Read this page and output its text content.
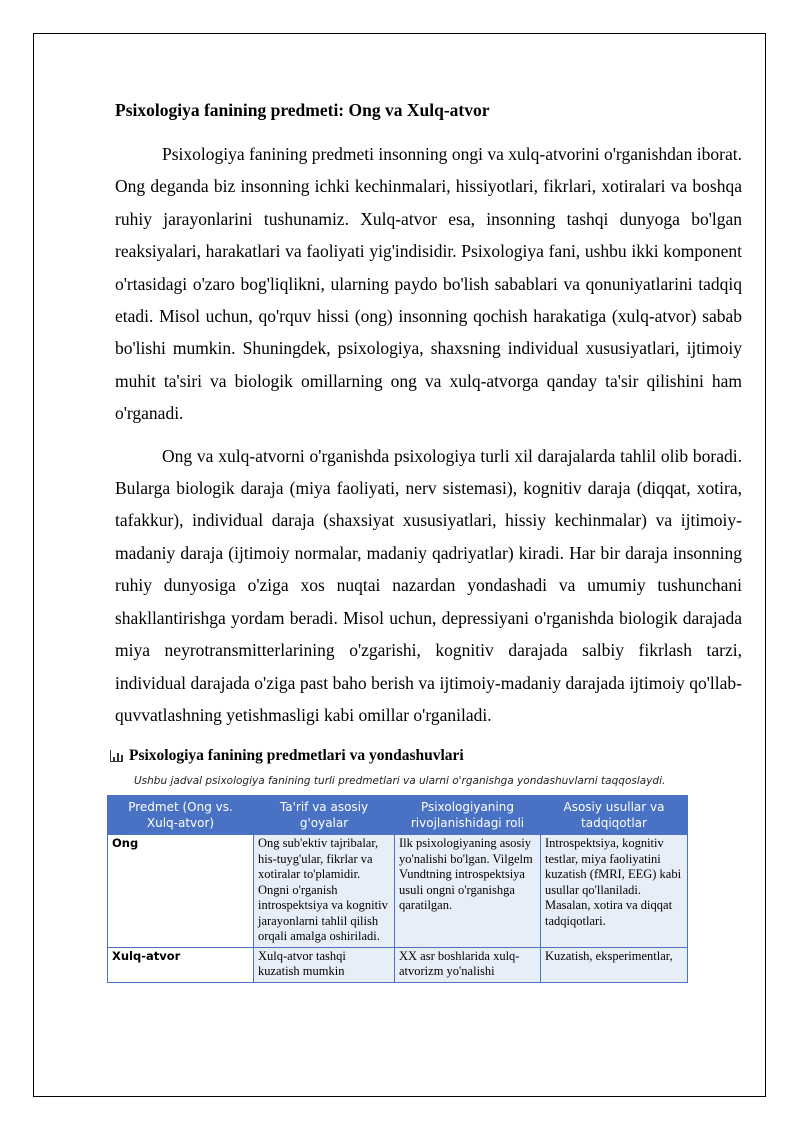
Psixologiya fanining predmeti: Ong va Xulq-atvor

Psixologiya fanining predmeti insonning ongi va xulq-atvorini o'rganishdan iborat. Ong deganda biz insonning ichki kechinmalari, hissiyotlari, fikrlari, xotiralari va boshqa ruhiy jarayonlarini tushunamiz. Xulq-atvor esa, insonning tashqi dunyoga bo'lgan reaksiyalari, harakatlari va faoliyati yig'indisidir. Psixologiya fani, ushbu ikki komponent o'rtasidagi o'zaro bog'liqlikni, ularning paydo bo'lish sabablari va qonuniyatlarini tadqiq etadi. Misol uchun, qo'rquv hissi (ong) insonning qochish harakatiga (xulq-atvor) sabab bo'lishi mumkin. Shuningdek, psixologiya, shaxsning individual xususiyatlari, ijtimoiy muhit ta'siri va biologik omillarning ong va xulq-atvorga qanday ta'sir qilishini ham o'rganadi.

Ong va xulq-atvorni o'rganishda psixologiya turli xil darajalarda tahlil olib boradi. Bularga biologik daraja (miya faoliyati, nerv sistemasi), kognitiv daraja (diqqat, xotira, tafakkur), individual daraja (shaxsiyat xususiyatlari, hissiy kechinmalar) va ijtimoiy-madaniy daraja (ijtimoiy normalar, madaniy qadriyatlar) kiradi. Har bir daraja insonning ruhiy dunyosiga o'ziga xos nuqtai nazardan yondashadi va umumiy tushunchani shakllantirishga yordam beradi. Misol uchun, depressiyani o'rganishda biologik darajada miya neyrotransmitterlarining o'zgarishi, kognitiv darajada salbiy fikrlash tarzi, individual darajada o'ziga past baho berish va ijtimoiy-madaniy darajada ijtimoiy qo'llab-quvvatlashning yetishmasligi kabi omillar o'rganiladi.

Psixologiya fanining predmetlari va yondashuvlari
Ushbu jadval psixologiya fanining turli predmetlari va ularni o'rganishga yondashuvlarni taqqoslaydi.
Predmet (Ong vs. Xulq-atvor)	Ta'rif va asosiy g'oyalar	Psixologiyaning rivojlanishidagi roli	Asosiy usullar va tadqiqotlar
Ong	Ong sub'ektiv tajribalar, his-tuyg'ular, fikrlar va xotiralar to'plamidir. Ongni o'rganish introspektsiya va kognitiv jarayonlarni tahlil qilish orqali amalga oshiriladi.	Ilk psixologiyaning asosiy yo'nalishi bo'lgan. Vilgelm Vundtning introspektsiya usuli ongni o'rganishga qaratilgan.	Introspektsiya, kognitiv testlar, miya faoliyatini kuzatish (fMRI, EEG) kabi usullar qo'llaniladi. Masalan, xotira va diqqat tadqiqotlari.
Xulq-atvor	Xulq-atvor tashqi kuzatish mumkin	XX asr boshlarida xulq-atvorizm yo'nalishi	Kuzatish, eksperimentlar,
